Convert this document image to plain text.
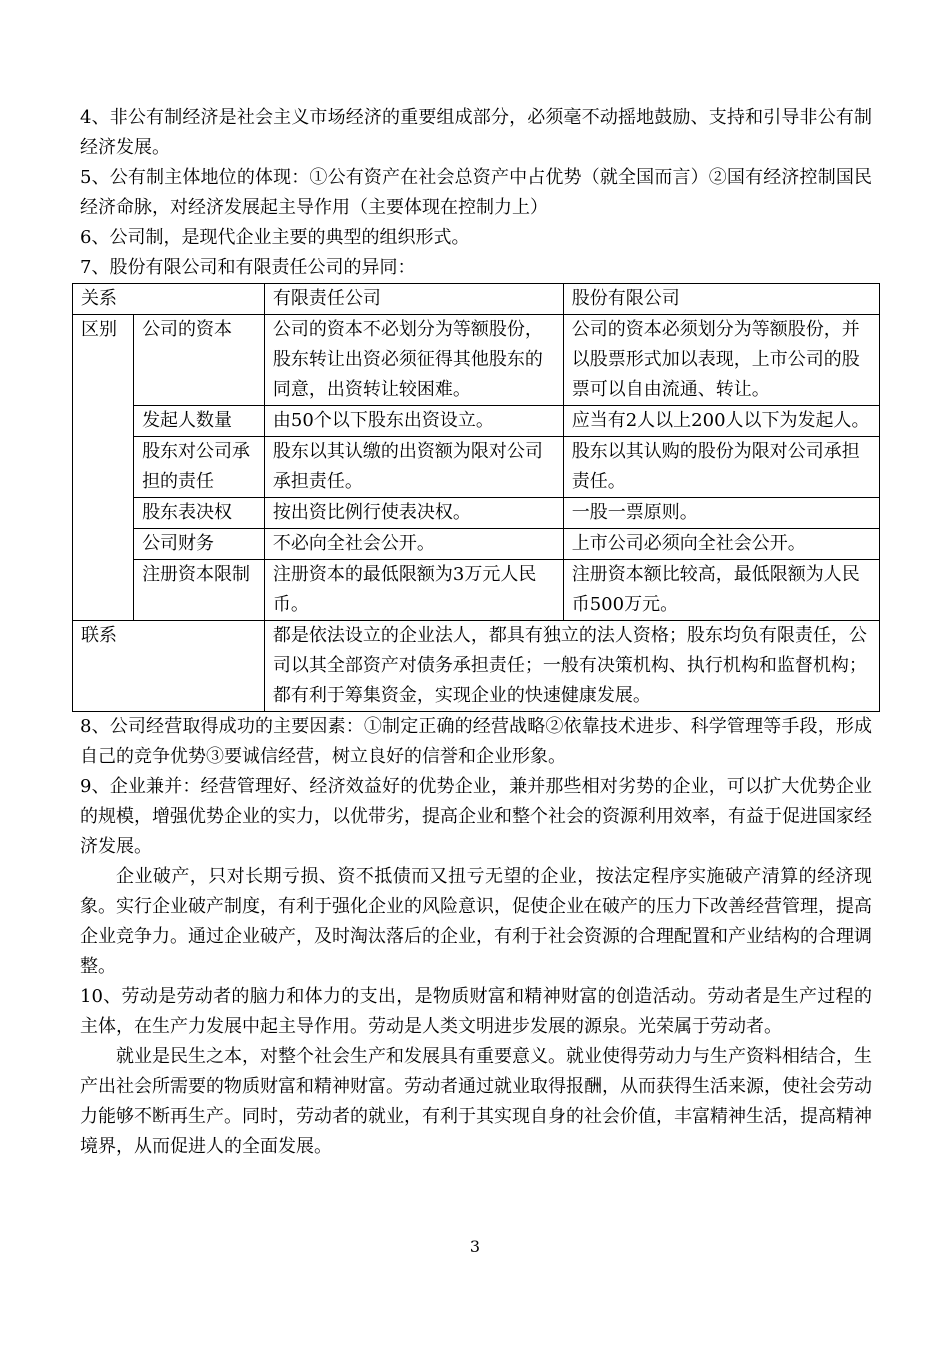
4、非公有制经济是社会主义市场经济的重要组成部分，必须毫不动摇地鼓励、支持和引导非公有制经济发展。

5、公有制主体地位的体现：①公有资产在社会总资产中占优势（就全国而言）②国有经济控制国民经济命脉，对经济发展起主导作用（主要体现在控制力上）

6、公司制，是现代企业主要的典型的组织形式。

7、股份有限公司和有限责任公司的异同：

关系		有限责任公司	股份有限公司
区别	公司的资本	公司的资本不必划分为等额股份，股东转让出资必须征得其他股东的同意，出资转让较困难。	公司的资本必须划分为等额股份，并以股票形式加以表现，上市公司的股票可以自由流通、转让。
	发起人数量	由50个以下股东出资设立。	应当有2人以上200人以下为发起人。
	股东对公司承担的责任	股东以其认缴的出资额为限对公司承担责任。	股东以其认购的股份为限对公司承担责任。
	股东表决权	按出资比例行使表决权。	一股一票原则。
	公司财务	不必向全社会公开。	上市公司必须向全社会公开。
	注册资本限制	注册资本的最低限额为3万元人民币。	注册资本额比较高，最低限额为人民币500万元。
联系		都是依法设立的企业法人，都具有独立的法人资格；股东均负有限责任，公司以其全部资产对债务承担责任；一般有决策机构、执行机构和监督机构；都有利于筹集资金，实现企业的快速健康发展。	

8、公司经营取得成功的主要因素：①制定正确的经营战略②依靠技术进步、科学管理等手段，形成自己的竞争优势③要诚信经营，树立良好的信誉和企业形象。

9、企业兼并：经营管理好、经济效益好的优势企业，兼并那些相对劣势的企业，可以扩大优势企业的规模，增强优势企业的实力，以优带劣，提高企业和整个社会的资源利用效率，有益于促进国家经济发展。

企业破产，只对长期亏损、资不抵债而又扭亏无望的企业，按法定程序实施破产清算的经济现象。实行企业破产制度，有利于强化企业的风险意识，促使企业在破产的压力下改善经营管理，提高企业竞争力。通过企业破产，及时淘汰落后的企业，有利于社会资源的合理配置和产业结构的合理调整。

10、劳动是劳动者的脑力和体力的支出，是物质财富和精神财富的创造活动。劳动者是生产过程的主体，在生产力发展中起主导作用。劳动是人类文明进步发展的源泉。光荣属于劳动者。

就业是民生之本，对整个社会生产和发展具有重要意义。就业使得劳动力与生产资料相结合，生产出社会所需要的物质财富和精神财富。劳动者通过就业取得报酬，从而获得生活来源，使社会劳动力能够不断再生产。同时，劳动者的就业，有利于其实现自身的社会价值，丰富精神生活，提高精神境界，从而促进人的全面发展。

3
